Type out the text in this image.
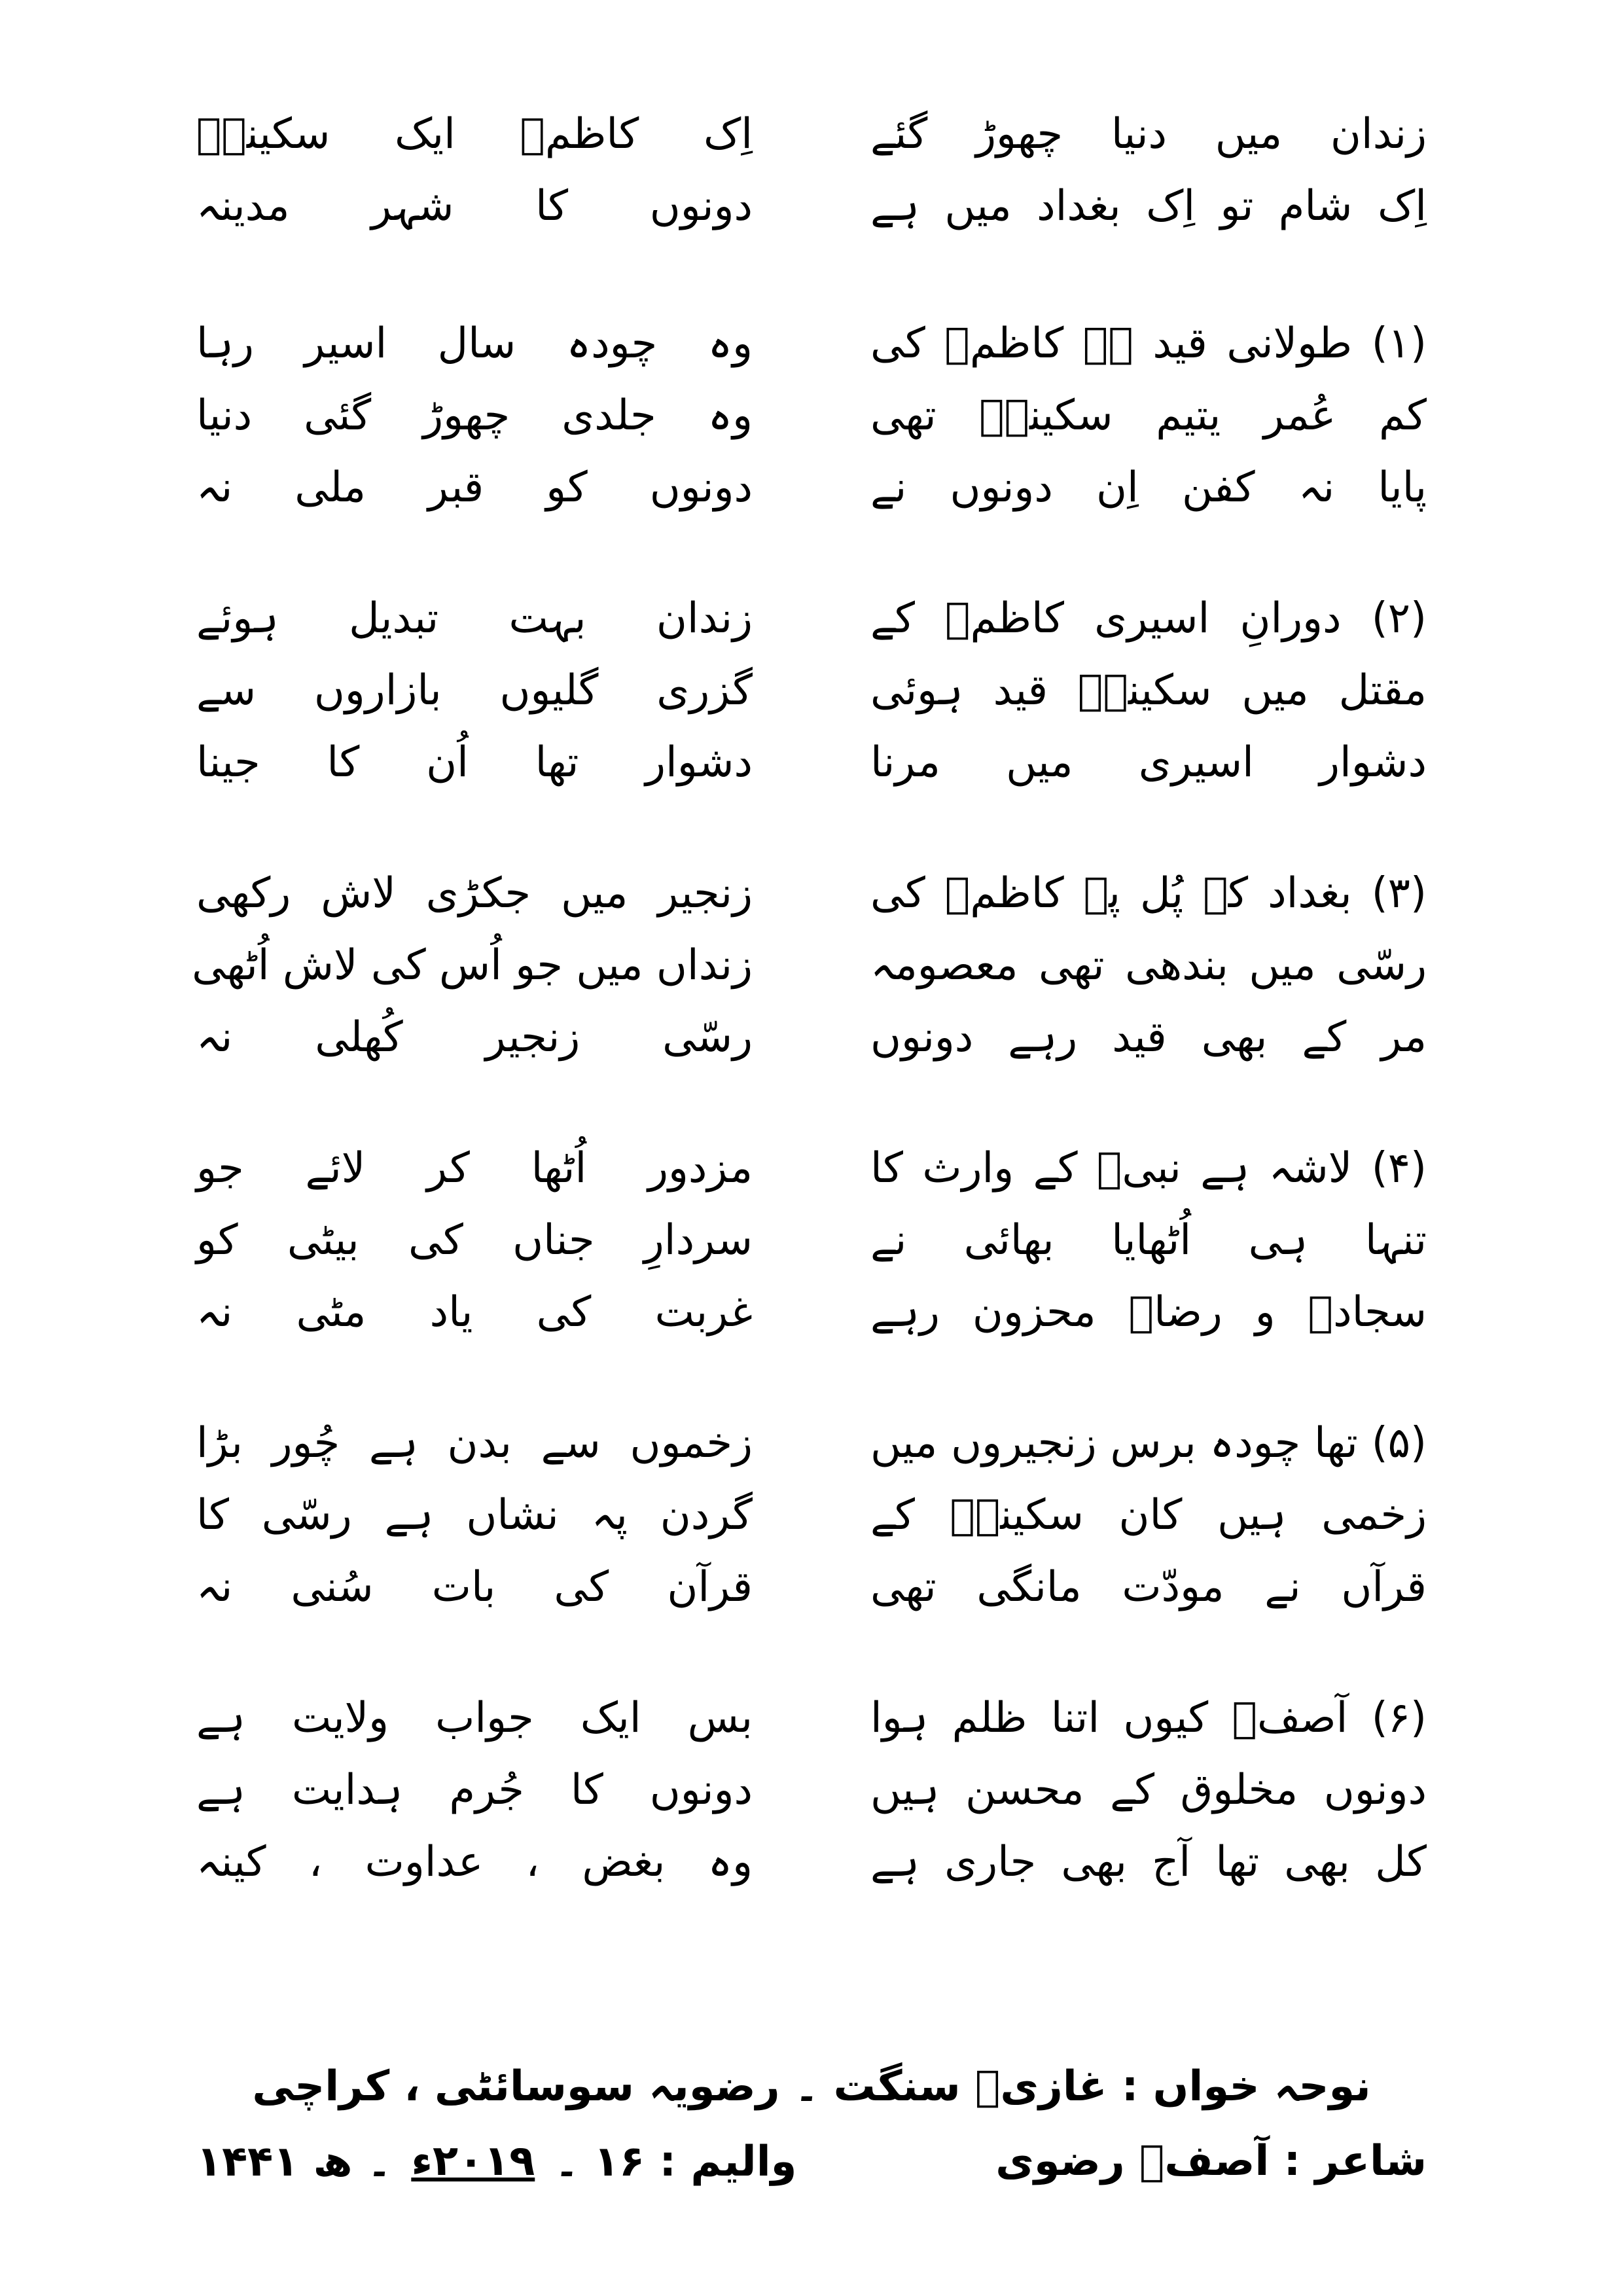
زندان میں دنیا چھوڑ گئے
اِک کاظمؑ ایک سکینہؑ
اِک شام تو اِک بغداد میں ہے
دونوں کا شہر مدینہ
(۱) طولانی قید ہے کاظمؑ کی
وہ چودہ سال اسیر رہا
کم عُمر یتیم سکینہؑ تھی
وہ جلدی چھوڑ گئی دنیا
پایا نہ کفن اِن دونوں نے
دونوں کو قبر ملی نہ
(۲) دورانِ اسیری کاظمؑ کے
زندان بہت تبدیل ہوئے
مقتل میں سکینہؑ قید ہوئی
گزری گلیوں بازاروں سے
دشوار اسیری میں مرنا
دشوار تھا اُن کا جینا
(۳) بغداد کے پُل پہ کاظمؑ کی
زنجیر میں جکڑی لاش رکھی
رسّی میں بندھی تھی معصومہ
زنداں میں جو اُس کی لاش اُٹھی
مر کے بھی قید رہے دونوں
رسّی زنجیر کُھلی نہ
(۴) لاشہ ہے نبیؐ کے وارث کا
مزدور اُٹھا کر لائے جو
تنہا ہی اُٹھایا بھائی نے
سردارِ جناں کی بیٹی کو
سجادؑ و رضاؑ محزون رہے
غربت کی یاد مٹی نہ
(۵) تھا چودہ برس زنجیروں میں
زخموں سے بدن ہے چُور بڑا
زخمی ہیں کان سکینہؑ کے
گردن پہ نشاں ہے رسّی کا
قرآں نے مودّت مانگی تھی
قرآن کی بات سُنی نہ
(۶) آصفؔ کیوں اتنا ظلم ہوا
بس ایک جواب ولایت ہے
دونوں مخلوق کے محسن ہیں
دونوں کا جُرم ہدایت ہے
کل بھی تھا آج بھی جاری ہے
وہ بغض ، عداوت ، کینہ
نوحہ خواں : غازیؑ سنگت ۔ رضویہ سوسائٹی ، کراچی
شاعر : آصفؔ رضوی
والیم : ۱۶ ۔
۲۰۱۹ء
۔ ھ ۱۴۴۱
